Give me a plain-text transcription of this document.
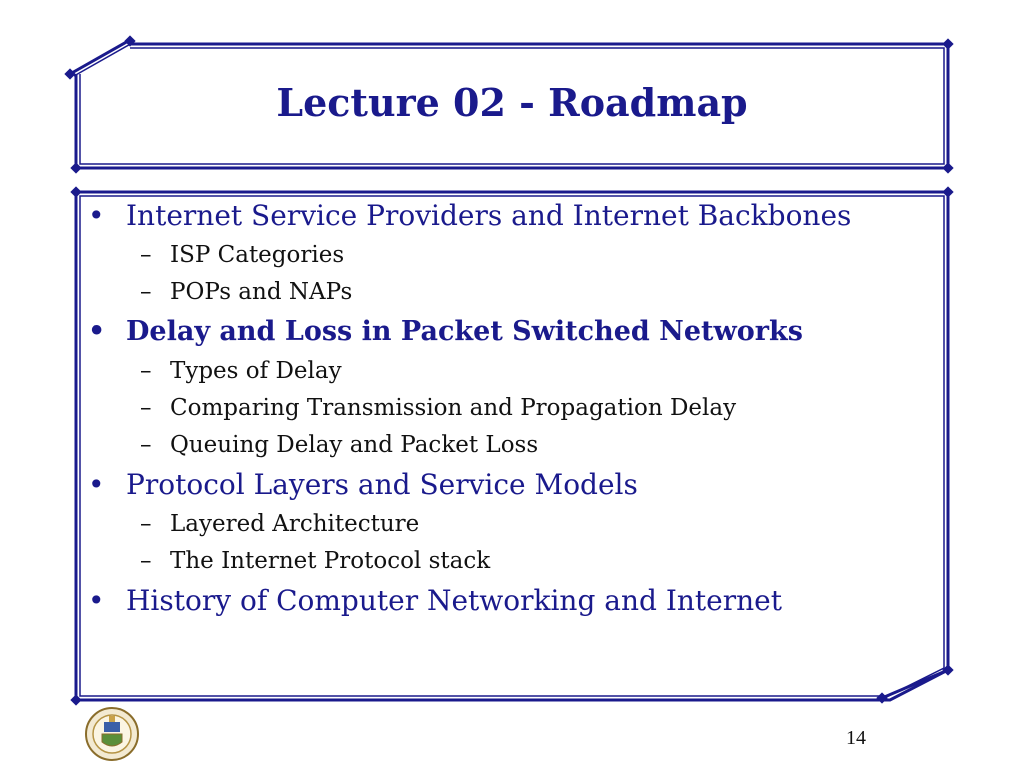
Lecture 02 - Roadmap
• Internet Service Providers and Internet Backbones
– ISP Categories
– POPs and NAPs
• Delay and Loss in Packet Switched Networks
– Types of Delay
– Comparing Transmission and Propagation Delay
– Queuing Delay and Packet Loss
• Protocol Layers and Service Models
– Layered Architecture
– The Internet Protocol stack
• History of Computer Networking and Internet
14
